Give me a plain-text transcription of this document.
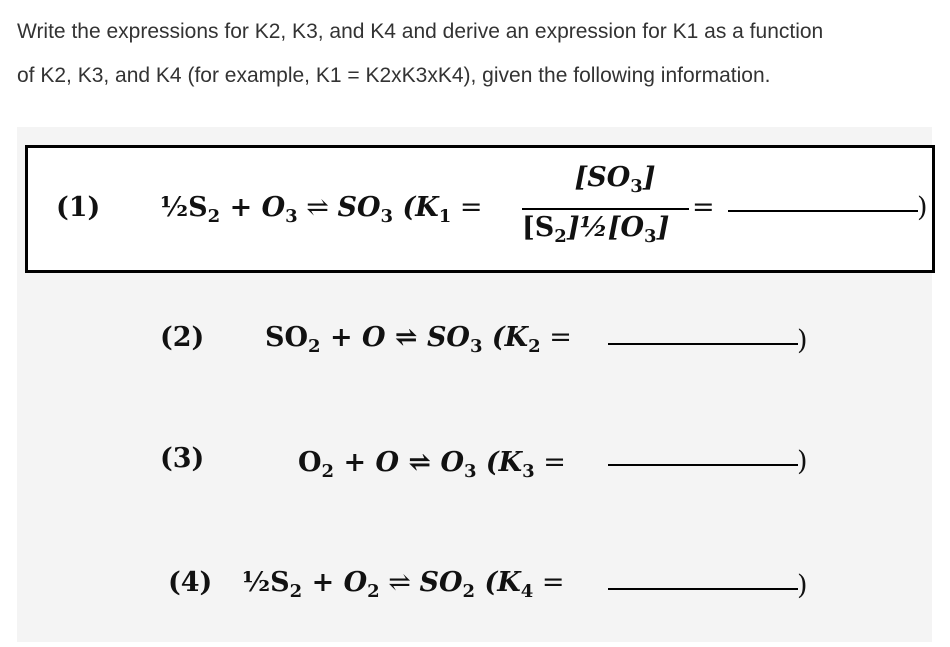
Write the expressions for K2, K3, and K4 and derive an expression for K1 as a function
of K2, K3, and K4 (for example, K1 = K2xK3xK4), given the following information.
(1) $\frac{1}{2}S_2 + O_3$ ⇌ $SO_3$ ($K_1$ =
$[SO_3]$
$[S_2]\frac{1}{2}[O_3]$
=	)
(2) $SO_2 + O$ ⇌ $SO_3$ ($K_2$ =	)
(3)	$O_2 + O$ ⇌ $O_3$ ($K_3$ =	)
(4) $\frac{1}{2}S_2 + O_2$ ⇌ $SO_2$ ($K_4$ =	)
